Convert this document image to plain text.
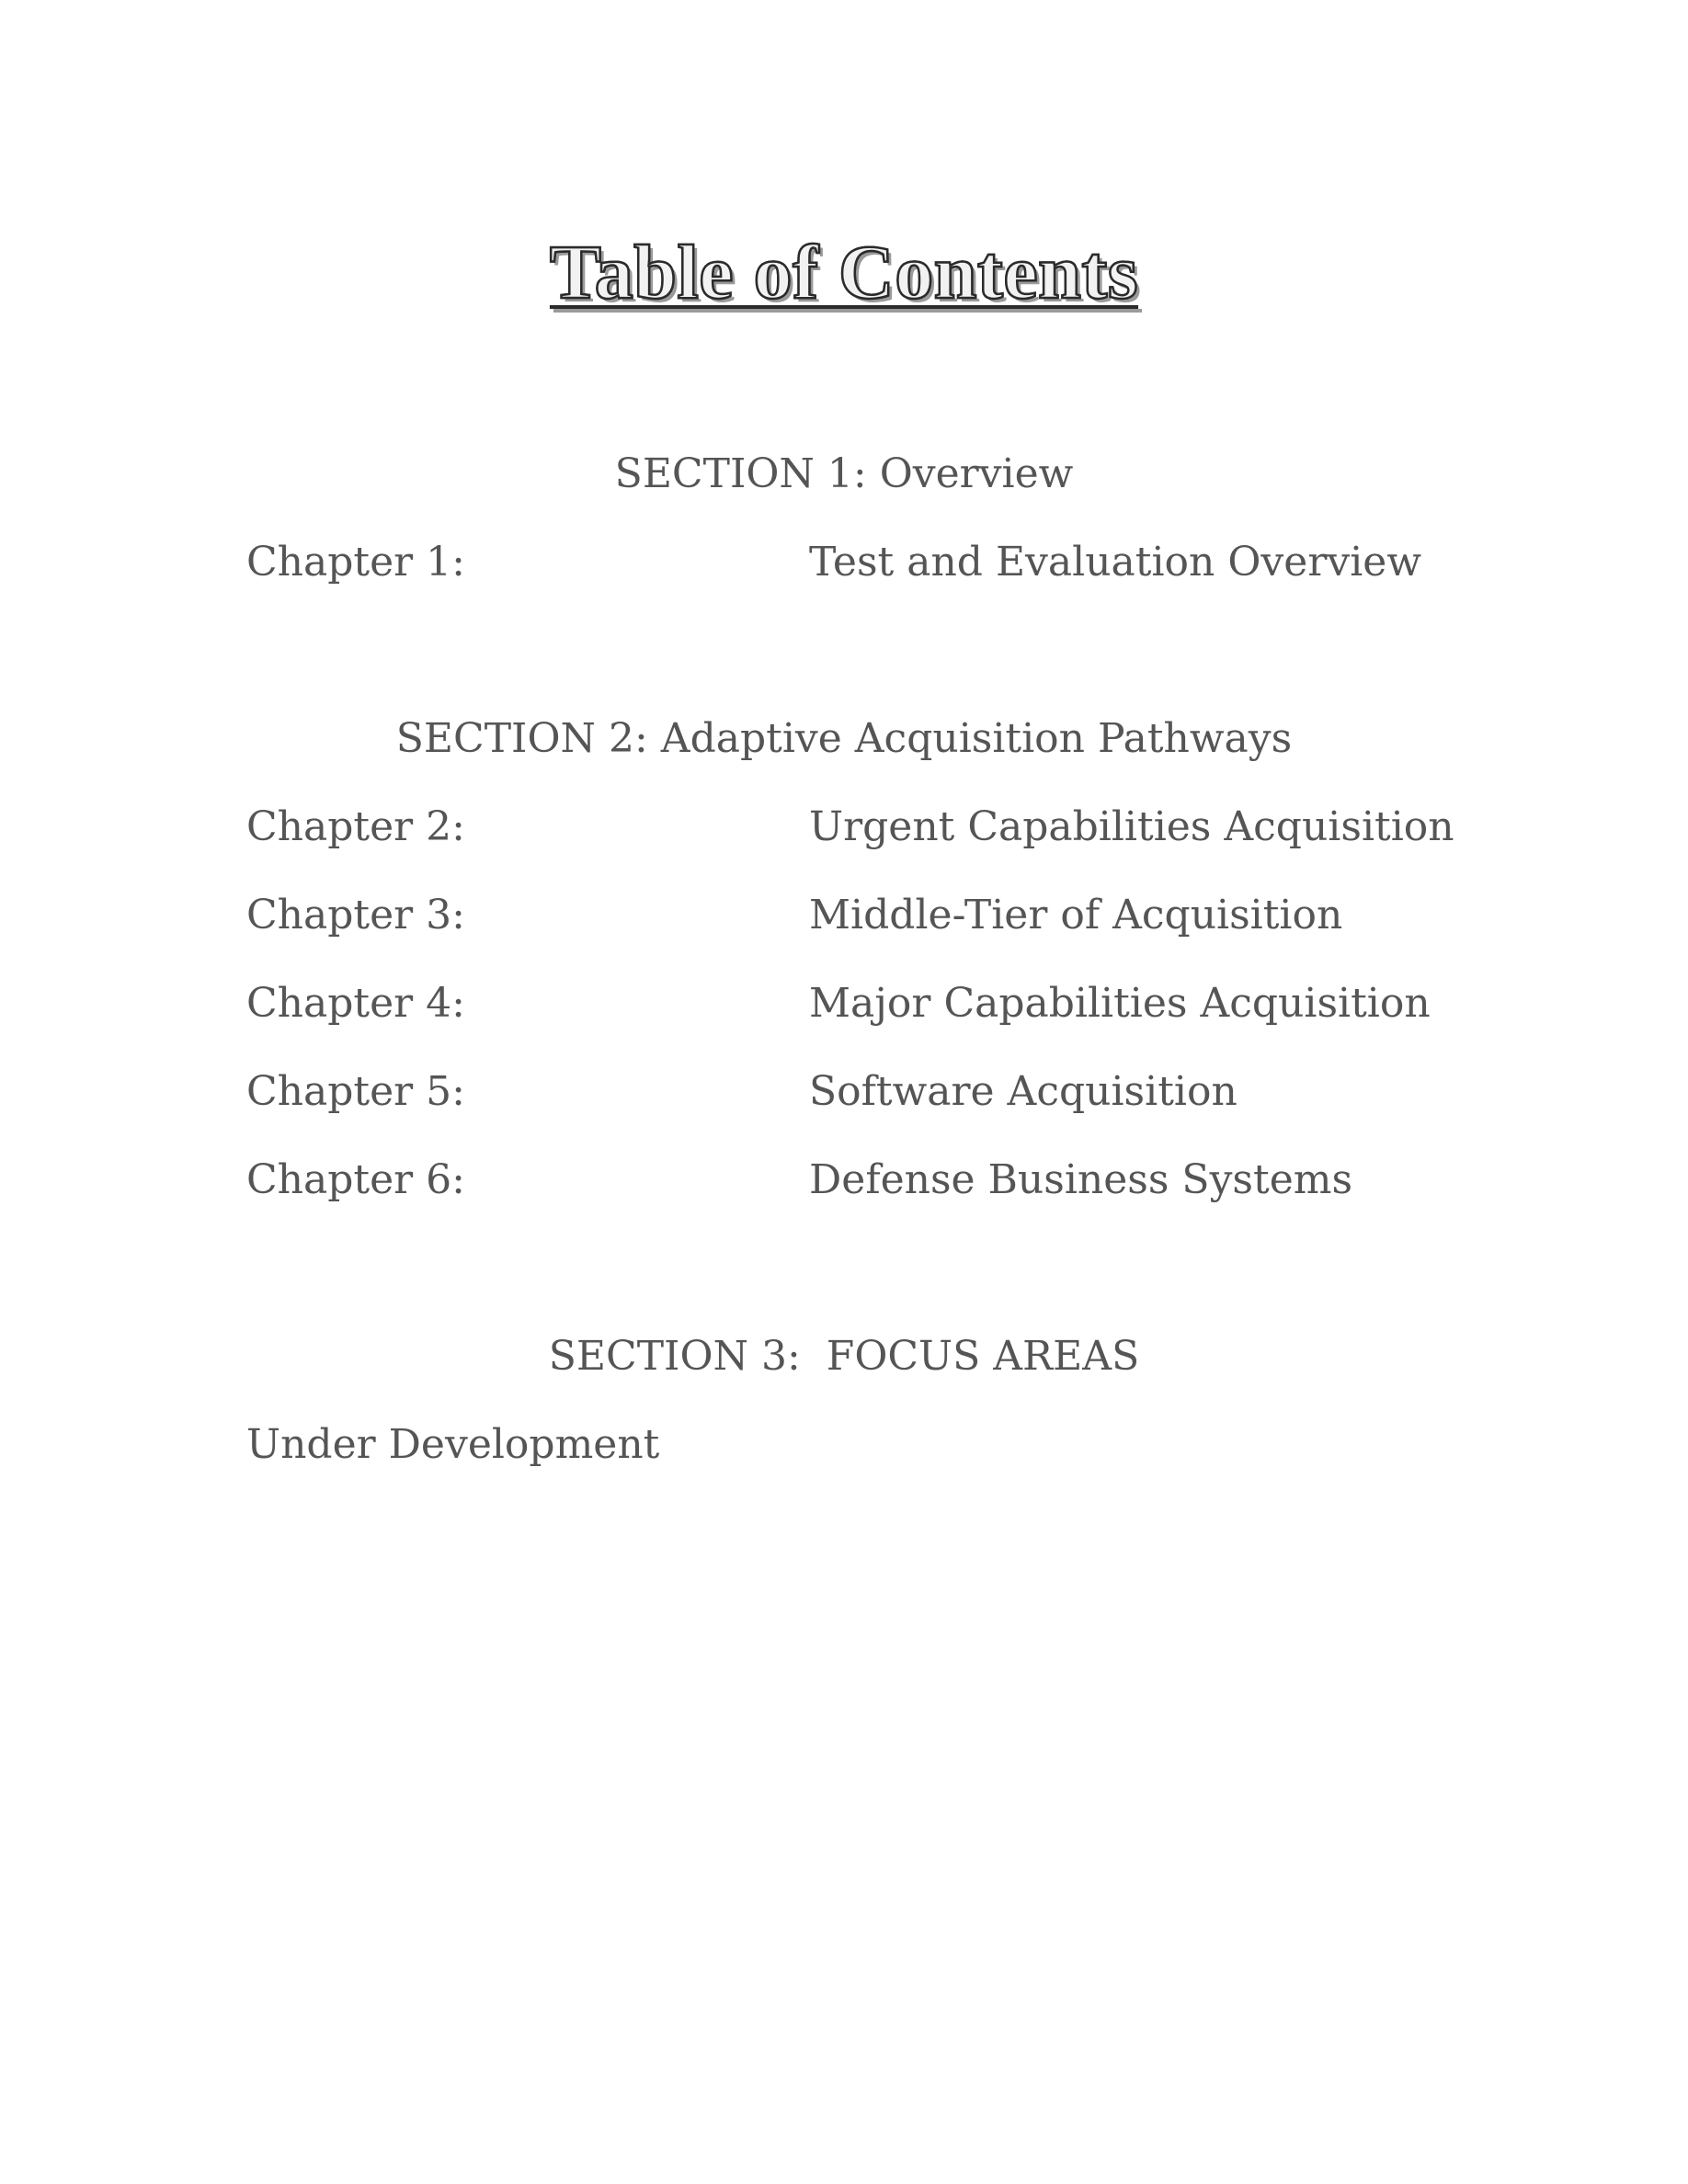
Table of Contents
SECTION 1: Overview
Chapter 1:	Test and Evaluation Overview
SECTION 2: Adaptive Acquisition Pathways
Chapter 2:	Urgent Capabilities Acquisition
Chapter 3:	Middle-Tier of Acquisition
Chapter 4:	Major Capabilities Acquisition
Chapter 5:	Software Acquisition
Chapter 6:	Defense Business Systems
SECTION 3:  FOCUS AREAS
Under Development
